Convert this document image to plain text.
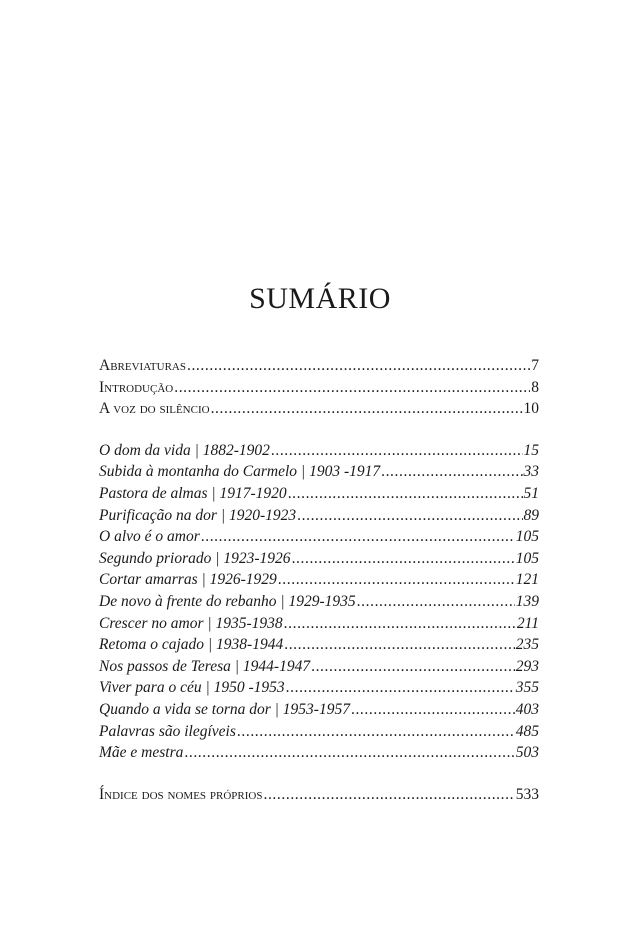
SUMÁRIO
Abreviaturas .....	7
Introdução .....	8
A voz do silêncio .....	10
O dom da vida | 1882-1902 .....	15
Subida à montanha do Carmelo | 1903 -1917 .....	33
Pastora de almas | 1917-1920 .....	51
Purificação na dor | 1920-1923 .....	89
O alvo é o amor .....	105
Segundo priorado | 1923-1926 .....	105
Cortar amarras | 1926-1929 .....	121
De novo à frente do rebanho | 1929-1935 .....	139
Crescer no amor | 1935-1938 .....	211
Retoma o cajado | 1938-1944 .....	235
Nos passos de Teresa | 1944-1947 .....	293
Viver para o céu | 1950 -1953 .....	355
Quando a vida se torna dor | 1953-1957 .....	403
Palavras são ilegíveis .....	485
Mãe e mestra .....	503
Índice dos nomes próprios .....	533
